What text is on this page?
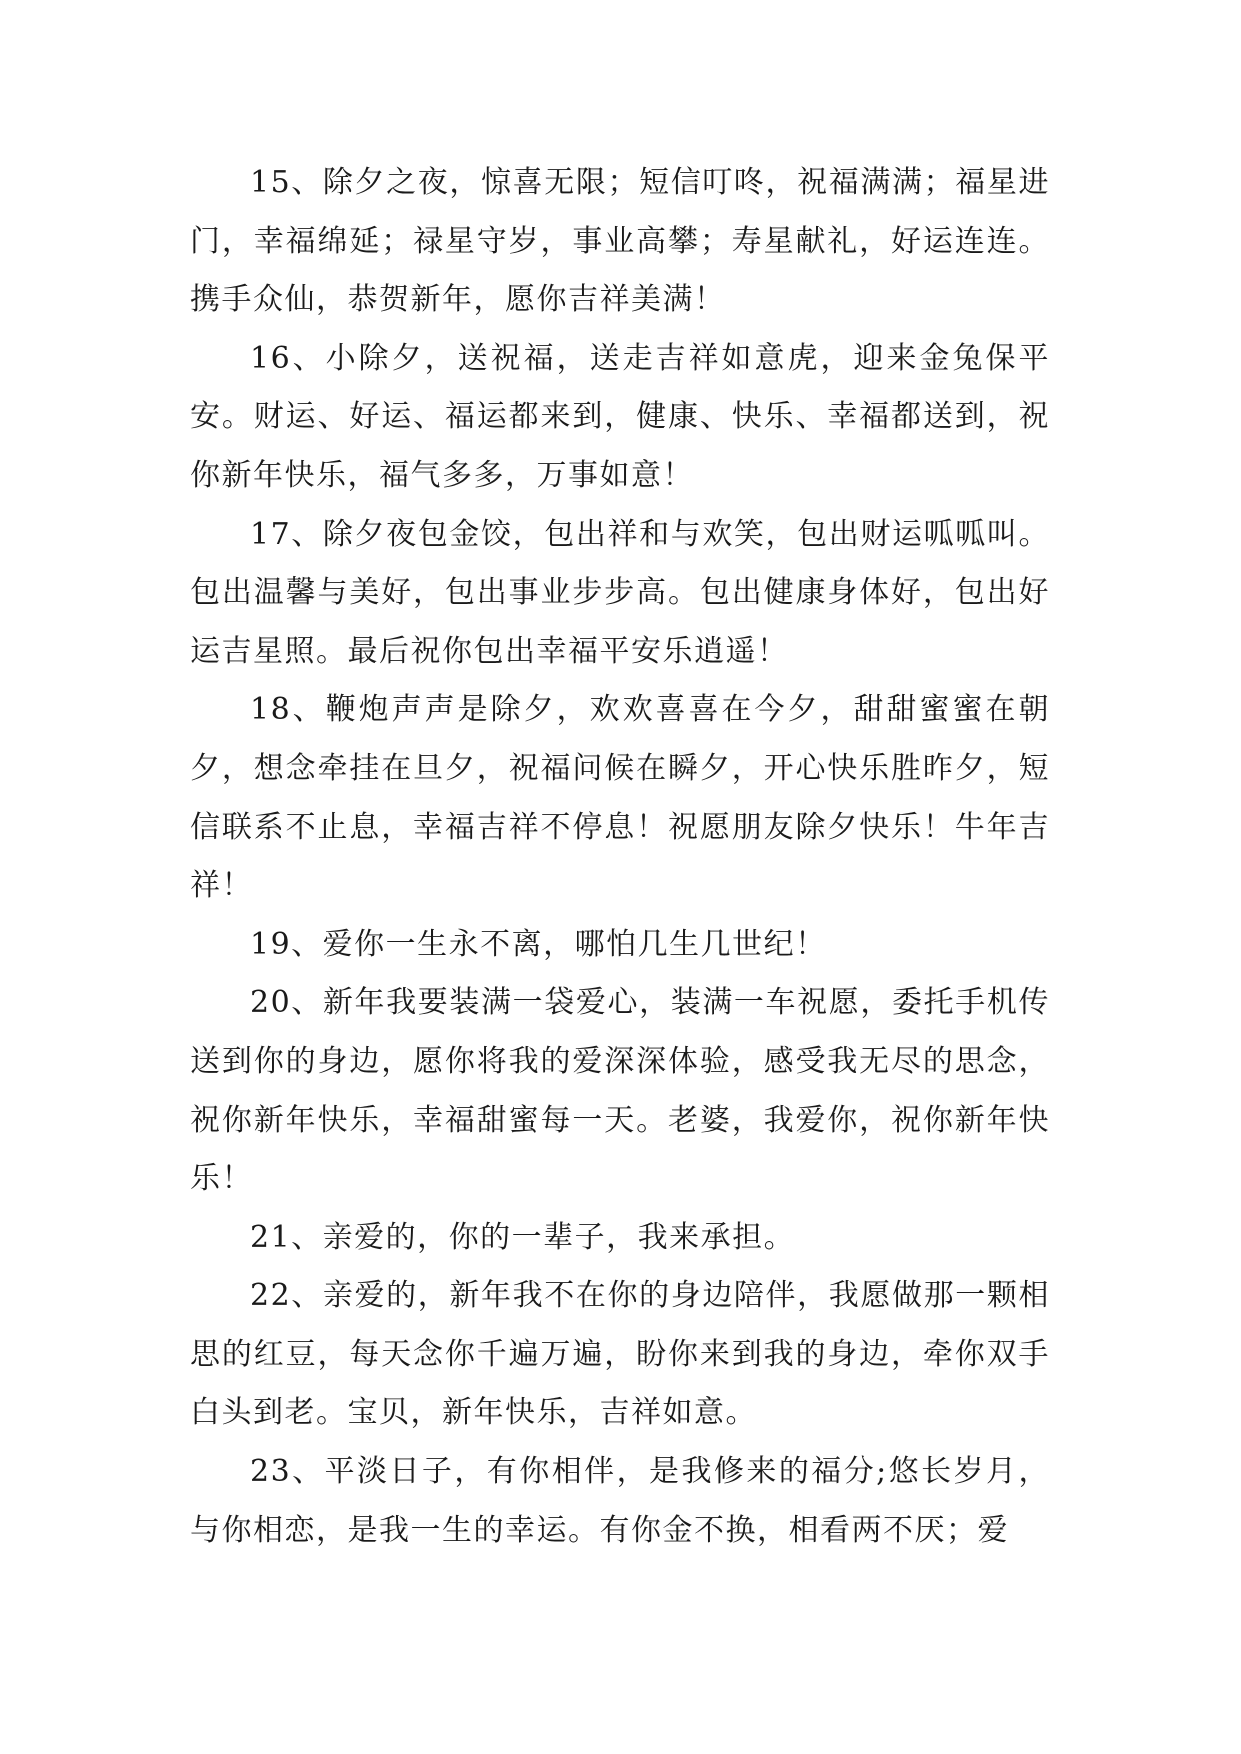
15、除夕之夜，惊喜无限；短信叮咚，祝福满满；福星进门，幸福绵延；禄星守岁，事业高攀；寿星献礼，好运连连。携手众仙，恭贺新年，愿你吉祥美满！

16、小除夕，送祝福，送走吉祥如意虎，迎来金兔保平安。财运、好运、福运都来到，健康、快乐、幸福都送到，祝你新年快乐，福气多多，万事如意！

17、除夕夜包金饺，包出祥和与欢笑，包出财运呱呱叫。包出温馨与美好，包出事业步步高。包出健康身体好，包出好运吉星照。最后祝你包出幸福平安乐逍遥！

18、鞭炮声声是除夕，欢欢喜喜在今夕，甜甜蜜蜜在朝夕，想念牵挂在旦夕，祝福问候在瞬夕，开心快乐胜昨夕，短信联系不止息，幸福吉祥不停息！祝愿朋友除夕快乐！牛年吉祥！

19、爱你一生永不离，哪怕几生几世纪！

20、新年我要装满一袋爱心，装满一车祝愿，委托手机传送到你的身边，愿你将我的爱深深体验，感受我无尽的思念，祝你新年快乐，幸福甜蜜每一天。老婆，我爱你，祝你新年快乐！

21、亲爱的，你的一辈子，我来承担。

22、亲爱的，新年我不在你的身边陪伴，我愿做那一颗相思的红豆，每天念你千遍万遍，盼你来到我的身边，牵你双手白头到老。宝贝，新年快乐，吉祥如意。

23、平淡日子，有你相伴，是我修来的福分;悠长岁月，与你相恋，是我一生的幸运。有你金不换，相看两不厌；爱
